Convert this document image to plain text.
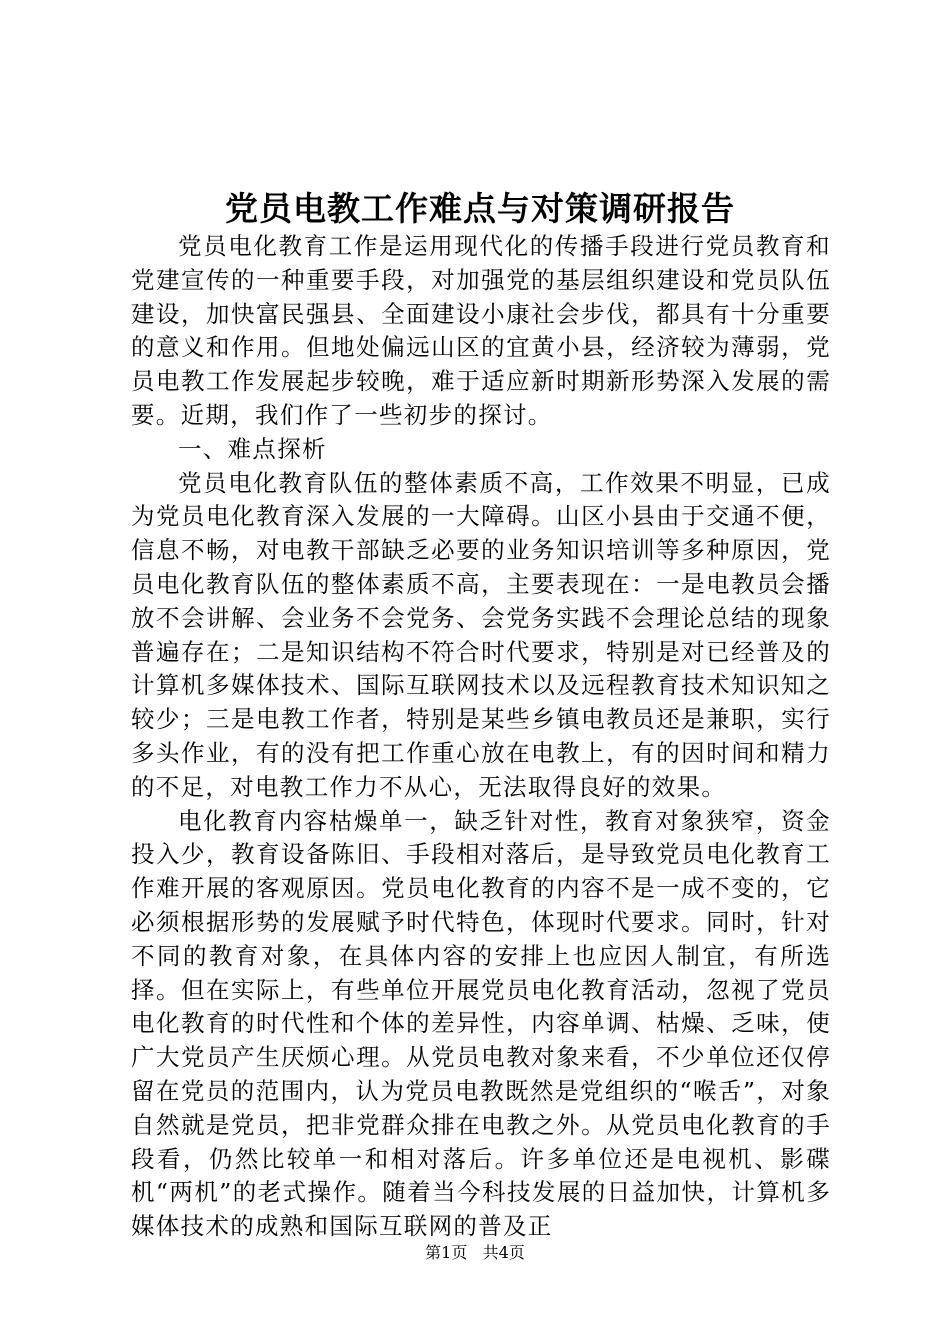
党员电教工作难点与对策调研报告

党员电化教育工作是运用现代化的传播手段进行党员教育和党建宣传的一种重要手段，对加强党的基层组织建设和党员队伍建设，加快富民强县、全面建设小康社会步伐，都具有十分重要的意义和作用。但地处偏远山区的宜黄小县，经济较为薄弱，党员电教工作发展起步较晚，难于适应新时期新形势深入发展的需要。近期，我们作了一些初步的探讨。

一、难点探析

党员电化教育队伍的整体素质不高，工作效果不明显，已成为党员电化教育深入发展的一大障碍。山区小县由于交通不便，信息不畅，对电教干部缺乏必要的业务知识培训等多种原因，党员电化教育队伍的整体素质不高，主要表现在：一是电教员会播放不会讲解、会业务不会党务、会党务实践不会理论总结的现象普遍存在；二是知识结构不符合时代要求，特别是对已经普及的计算机多媒体技术、国际互联网技术以及远程教育技术知识知之较少；三是电教工作者，特别是某些乡镇电教员还是兼职，实行多头作业，有的没有把工作重心放在电教上，有的因时间和精力的不足，对电教工作力不从心，无法取得良好的效果。

电化教育内容枯燥单一，缺乏针对性，教育对象狭窄，资金投入少，教育设备陈旧、手段相对落后，是导致党员电化教育工作难开展的客观原因。党员电化教育的内容不是一成不变的，它必须根据形势的发展赋予时代特色，体现时代要求。同时，针对不同的教育对象，在具体内容的安排上也应因人制宜，有所选择。但在实际上，有些单位开展党员电化教育活动，忽视了党员电化教育的时代性和个体的差异性，内容单调、枯燥、乏味，使广大党员产生厌烦心理。从党员电教对象来看，不少单位还仅停留在党员的范围内，认为党员电教既然是党组织的“喉舌”，对象自然就是党员，把非党群众排在电教之外。从党员电化教育的手段看，仍然比较单一和相对落后。许多单位还是电视机、影碟机“两机”的老式操作。随着当今科技发展的日益加快，计算机多媒体技术的成熟和国际互联网的普及正

第1页 共4页
